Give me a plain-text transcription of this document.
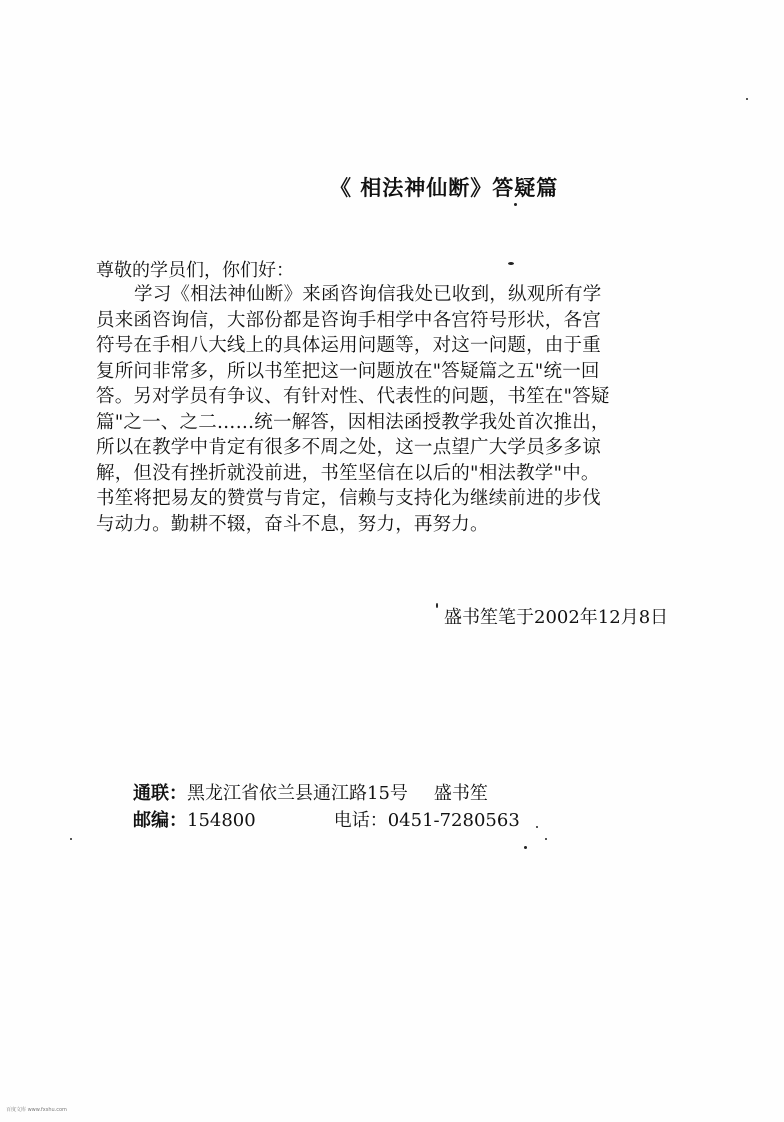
《 相法神仙断》答疑篇
尊敬的学员们，你们好：
学习《相法神仙断》来函咨询信我处已收到，纵观所有学
员来函咨询信，大部份都是咨询手相学中各宫符号形状，各宫
符号在手相八大线上的具体运用问题等，对这一问题，由于重
复所问非常多，所以书笙把这一问题放在"答疑篇之五"统一回
答。另对学员有争议、有针对性、代表性的问题，书笙在"答疑
篇"之一、之二……统一解答，因相法函授教学我处首次推出，
所以在教学中肯定有很多不周之处，这一点望广大学员多多谅
解，但没有挫折就没前进，书笙坚信在以后的"相法教学"中。
书笙将把易友的赞赏与肯定，信赖与支持化为继续前进的步伐
与动力。勤耕不辍，奋斗不息，努力，再努力。
盛书笙笔于2002年12月8日
通联：黑龙江省依兰县通江路15号 盛书笙
邮编：154800	电话：0451-7280563
百度文库 www.fxshu.com
